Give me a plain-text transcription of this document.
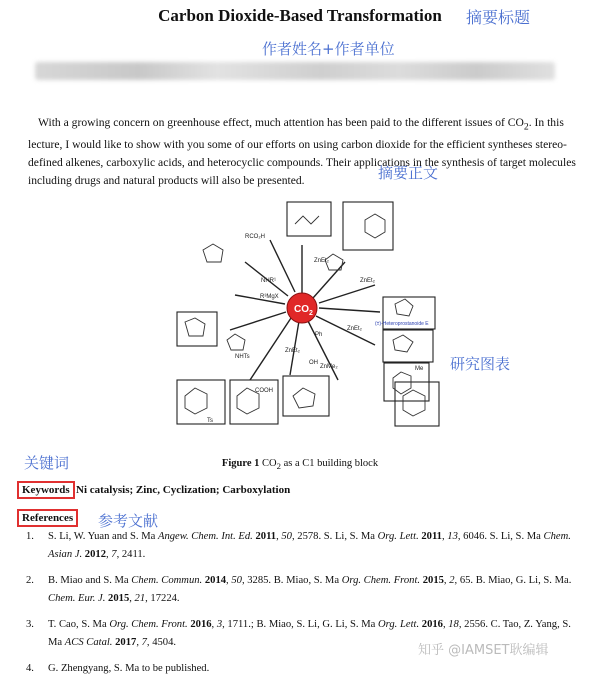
Carbon Dioxide-Based Transformation	摘要标题
作者姓名+作者单位

With a growing concern on greenhouse effect, much attention has been paid to the different issues of $CO_2$. In this lecture, I would like to show with you some of our efforts on using carbon dioxide for the efficient syntheses stereo-defined alkenes, carboxylic acids, and heterocyclic compounds. Their applications in the synthesis of target molecules including drugs and natural products will also be presented.	摘要正文
$CO_2$
RCO₂H
R³MgX
ZnEt₂
ZnEt₂
ZnEt₂
ZnEt₂
ZnMe₂
NHTs
(±)-Heteroprostanoide E
COOH
Ts
Me
Ph
OH
NHR¹
研究图表
关键词	Figure 1 $CO_2$ as a C1 building block
Keywords Ni catalysis; Zinc, Cyclization; Carboxylation
References	参考文献
1. S. Li, W. Yuan and S. Ma Angew. Chem. Int. Ed. 2011, 50, 2578. S. Li, S. Ma Org. Lett. 2011, 13, 6046. S. Li, S. Ma Chem. Asian J. 2012, 7, 2411.
2. B. Miao and S. Ma Chem. Commun. 2014, 50, 3285. B. Miao, S. Ma Org. Chem. Front. 2015, 2, 65. B. Miao, G. Li, S. Ma. Chem. Eur. J. 2015, 21, 17224.
3. T. Cao, S. Ma Org. Chem. Front. 2016, 3, 1711.; B. Miao, S. Li, G. Li, S. Ma Org. Lett. 2016, 18, 2556. C. Tao, Z. Yang, S. Ma ACS Catal. 2017, 7, 4504.
4. G. Zhengyang, S. Ma to be published.
知乎 @IAMSET耿编辑
